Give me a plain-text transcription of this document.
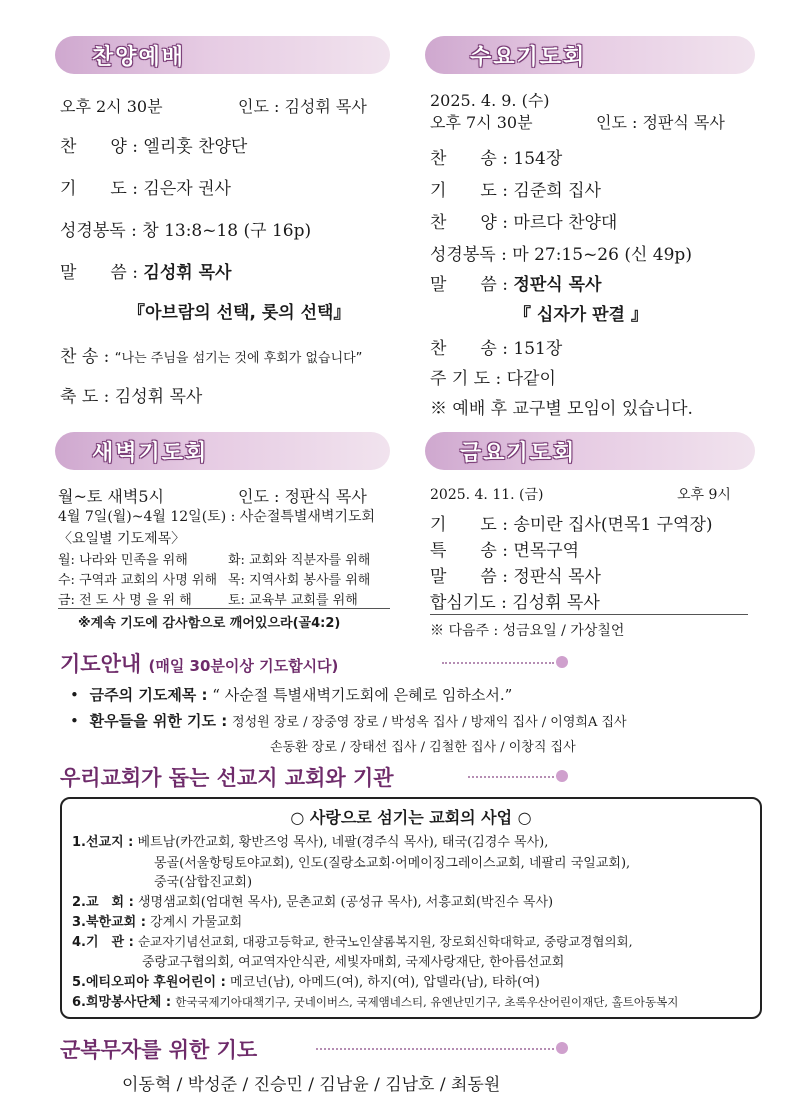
찬양예배
오후 2시 30분	인도 : 김성휘 목사
찬　　양 : 엘리홋 찬양단
기　　도 : 김은자 권사
성경봉독 : 창 13:8~18 (구 16p)
말　　씀 : 김성휘 목사
『아브람의 선택, 롯의 선택』
찬 송 : “나는 주님을 섬기는 것에 후회가 없습니다”
축 도 : 김성휘 목사
수요기도회
2025. 4. 9. (수)
오후 7시 30분	인도 : 정판식 목사
찬　　송 : 154장
기　　도 : 김준희 집사
찬　　양 : 마르다 찬양대
성경봉독 : 마 27:15~26 (신 49p)
말　　씀 : 정판식 목사
『 십자가 판결 』
찬　　송 : 151장
주 기 도 : 다같이
※ 예배 후 교구별 모임이 있습니다.
새벽기도회
월~토 새벽5시	인도 : 정판식 목사
4월 7일(월)~4월 12일(토) : 사순절특별새벽기도회
〈요일별 기도제목〉
월: 나라와 민족을 위해	화: 교회와 직분자를 위해
수: 구역과 교회의 사명 위해 목: 지역사회 봉사를 위해
금: 전 도 사 명 을 위 해	토: 교육부 교회를 위해
※계속 기도에 감사함으로 깨어있으라(골4:2)
금요기도회
2025. 4. 11. (금)	오후 9시
기　　도 : 송미란 집사(면목1 구역장)
특　　송 : 면목구역
말　　씀 : 정판식 목사
합심기도 : 김성휘 목사
※ 다음주 : 성금요일 / 가상칠언
기도안내 (매일 30분이상 기도합시다)
• 금주의 기도제목 : “ 사순절 특별새벽기도회에 은혜로 임하소서.”
• 환우들을 위한 기도 : 정성원 장로 / 장중영 장로 / 박성옥 집사 / 방재익 집사 / 이영희A 집사
손동환 장로 / 장태선 집사 / 김철한 집사 / 이창직 집사
우리교회가 돕는 선교지 교회와 기관
○ 사랑으로 섬기는 교회의 사업 ○
1.선교지 : 베트남(카깐교회, 황반즈엉 목사), 네팔(경주식 목사), 태국(김경수 목사),
몽골(서울항팅토야교회), 인도(질랑소교회·어메이징그레이스교회, 네팔리 국일교회),
중국(삼합진교회)
2.교　회 : 생명샘교회(엄대현 목사), 문촌교회 (공성규 목사), 서흥교회(박진수 목사)
3.북한교회 : 강계시 가물교회
4.기　관 : 순교자기념선교회, 대광고등학교, 한국노인샬롬복지원, 장로회신학대학교, 중랑교경협의회,
중랑교구협의회, 여교역자안식관, 세빛자매회, 국제사랑재단, 한아름선교회
5.에티오피아 후원어린이 : 메코넌(남), 아메드(여), 하지(여), 압델라(남), 타하(여)
6.희망봉사단체 : 한국국제기아대책기구, 굿네이버스, 국제앰네스티, 유엔난민기구, 초록우산어린이재단, 홀트아동복지
군복무자를 위한 기도
이동혁 / 박성준 / 진승민 / 김남윤 / 김남호 / 최동원
